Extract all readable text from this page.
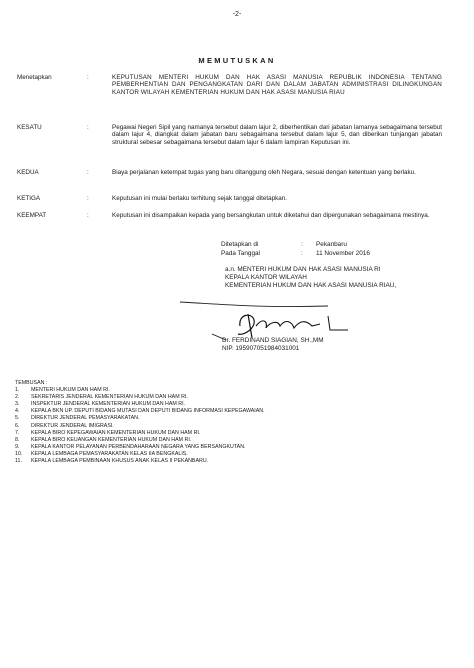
-2-
MEMUTUSKAN
Menetapkan	:	KEPUTUSAN MENTERI HUKUM DAN HAK ASASI MANUSIA REPUBLIK INDONESIA TENTANG PEMBERHENTIAN DAN PENGANGKATAN DARI DAN DALAM JABATAN ADMINISTRASI DILINGKUNGAN KANTOR WILAYAH KEMENTERIAN HUKUM DAN HAK ASASI MANUSIA RIAU
KESATU	:	Pegawai Negeri Sipil yang namanya tersebut dalam lajur 2, diberhentikan dari jabatan lamanya sebagaimana tersebut dalam lajur 4, diangkat dalam jabatan baru sebagaimana tersebut dalam lajur 5, dan diberikan tunjangan jabatan struktural sebesar sebagaimana tersebut dalam lajur 6 dalam lampiran Keputusan ini.
KEDUA	:	Biaya perjalanan ketempat tugas yang baru ditanggung oleh Negara, sesuai dengan ketentuan yang berlaku.
KETIGA	:	Keputusan ini mulai berlaku terhitung sejak tanggal ditetapkan.
KEEMPAT	:	Keputusan ini disampaikan kepada yang bersangkutan untuk diketahui dan dipergunakan sebagaimana mestinya.
Ditetapkan di	: Pekanbaru
Pada Tanggal	: 11 November 2016
a.n. MENTERI HUKUM DAN HAK ASASI MANUSIA RI
KEPALA KANTOR WILAYAH
KEMENTERIAN HUKUM DAN HAK ASASI MANUSIA RIAU,
Dr. FERDINAND SIAGIAN, SH.,MM
NIP. 195907051984031001
TEMBUSAN :
1. MENTERI HUKUM DAN HAM RI.
2. SEKRETARIS JENDERAL KEMENTERIAN HUKUM DAN HAM RI.
3. INSPEKTUR JENDERAL KEMENTERIAN HUKUM DAN HAM RI.
4. KEPALA BKN UP. DEPUTI BIDANG MUTASI DAN DEPUTI BIDANG INFORMASI KEPEGAWAIAN.
5. DIREKTUR JENDERAL PEMASYARAKATAN.
6. DIREKTUR JENDERAL IMIGRASI.
7. KEPALA BIRO KEPEGAWAIAN KEMENTERIAN HUKUM DAN HAM RI.
8. KEPALA BIRO KEUANGAN KEMENTERIAN HUKUM DAN HAM RI.
9. KEPALA KANTOR PELAYANAN PERBENDAHARAAN NEGARA YANG BERSANGKUTAN.
10. KEPALA LEMBAGA PEMASYARAKATAN KELAS IIA BENGKALIS.
11. KEPALA LEMBAGA PEMBINAAN KHUSUS ANAK KELAS II PEKANBARU.
